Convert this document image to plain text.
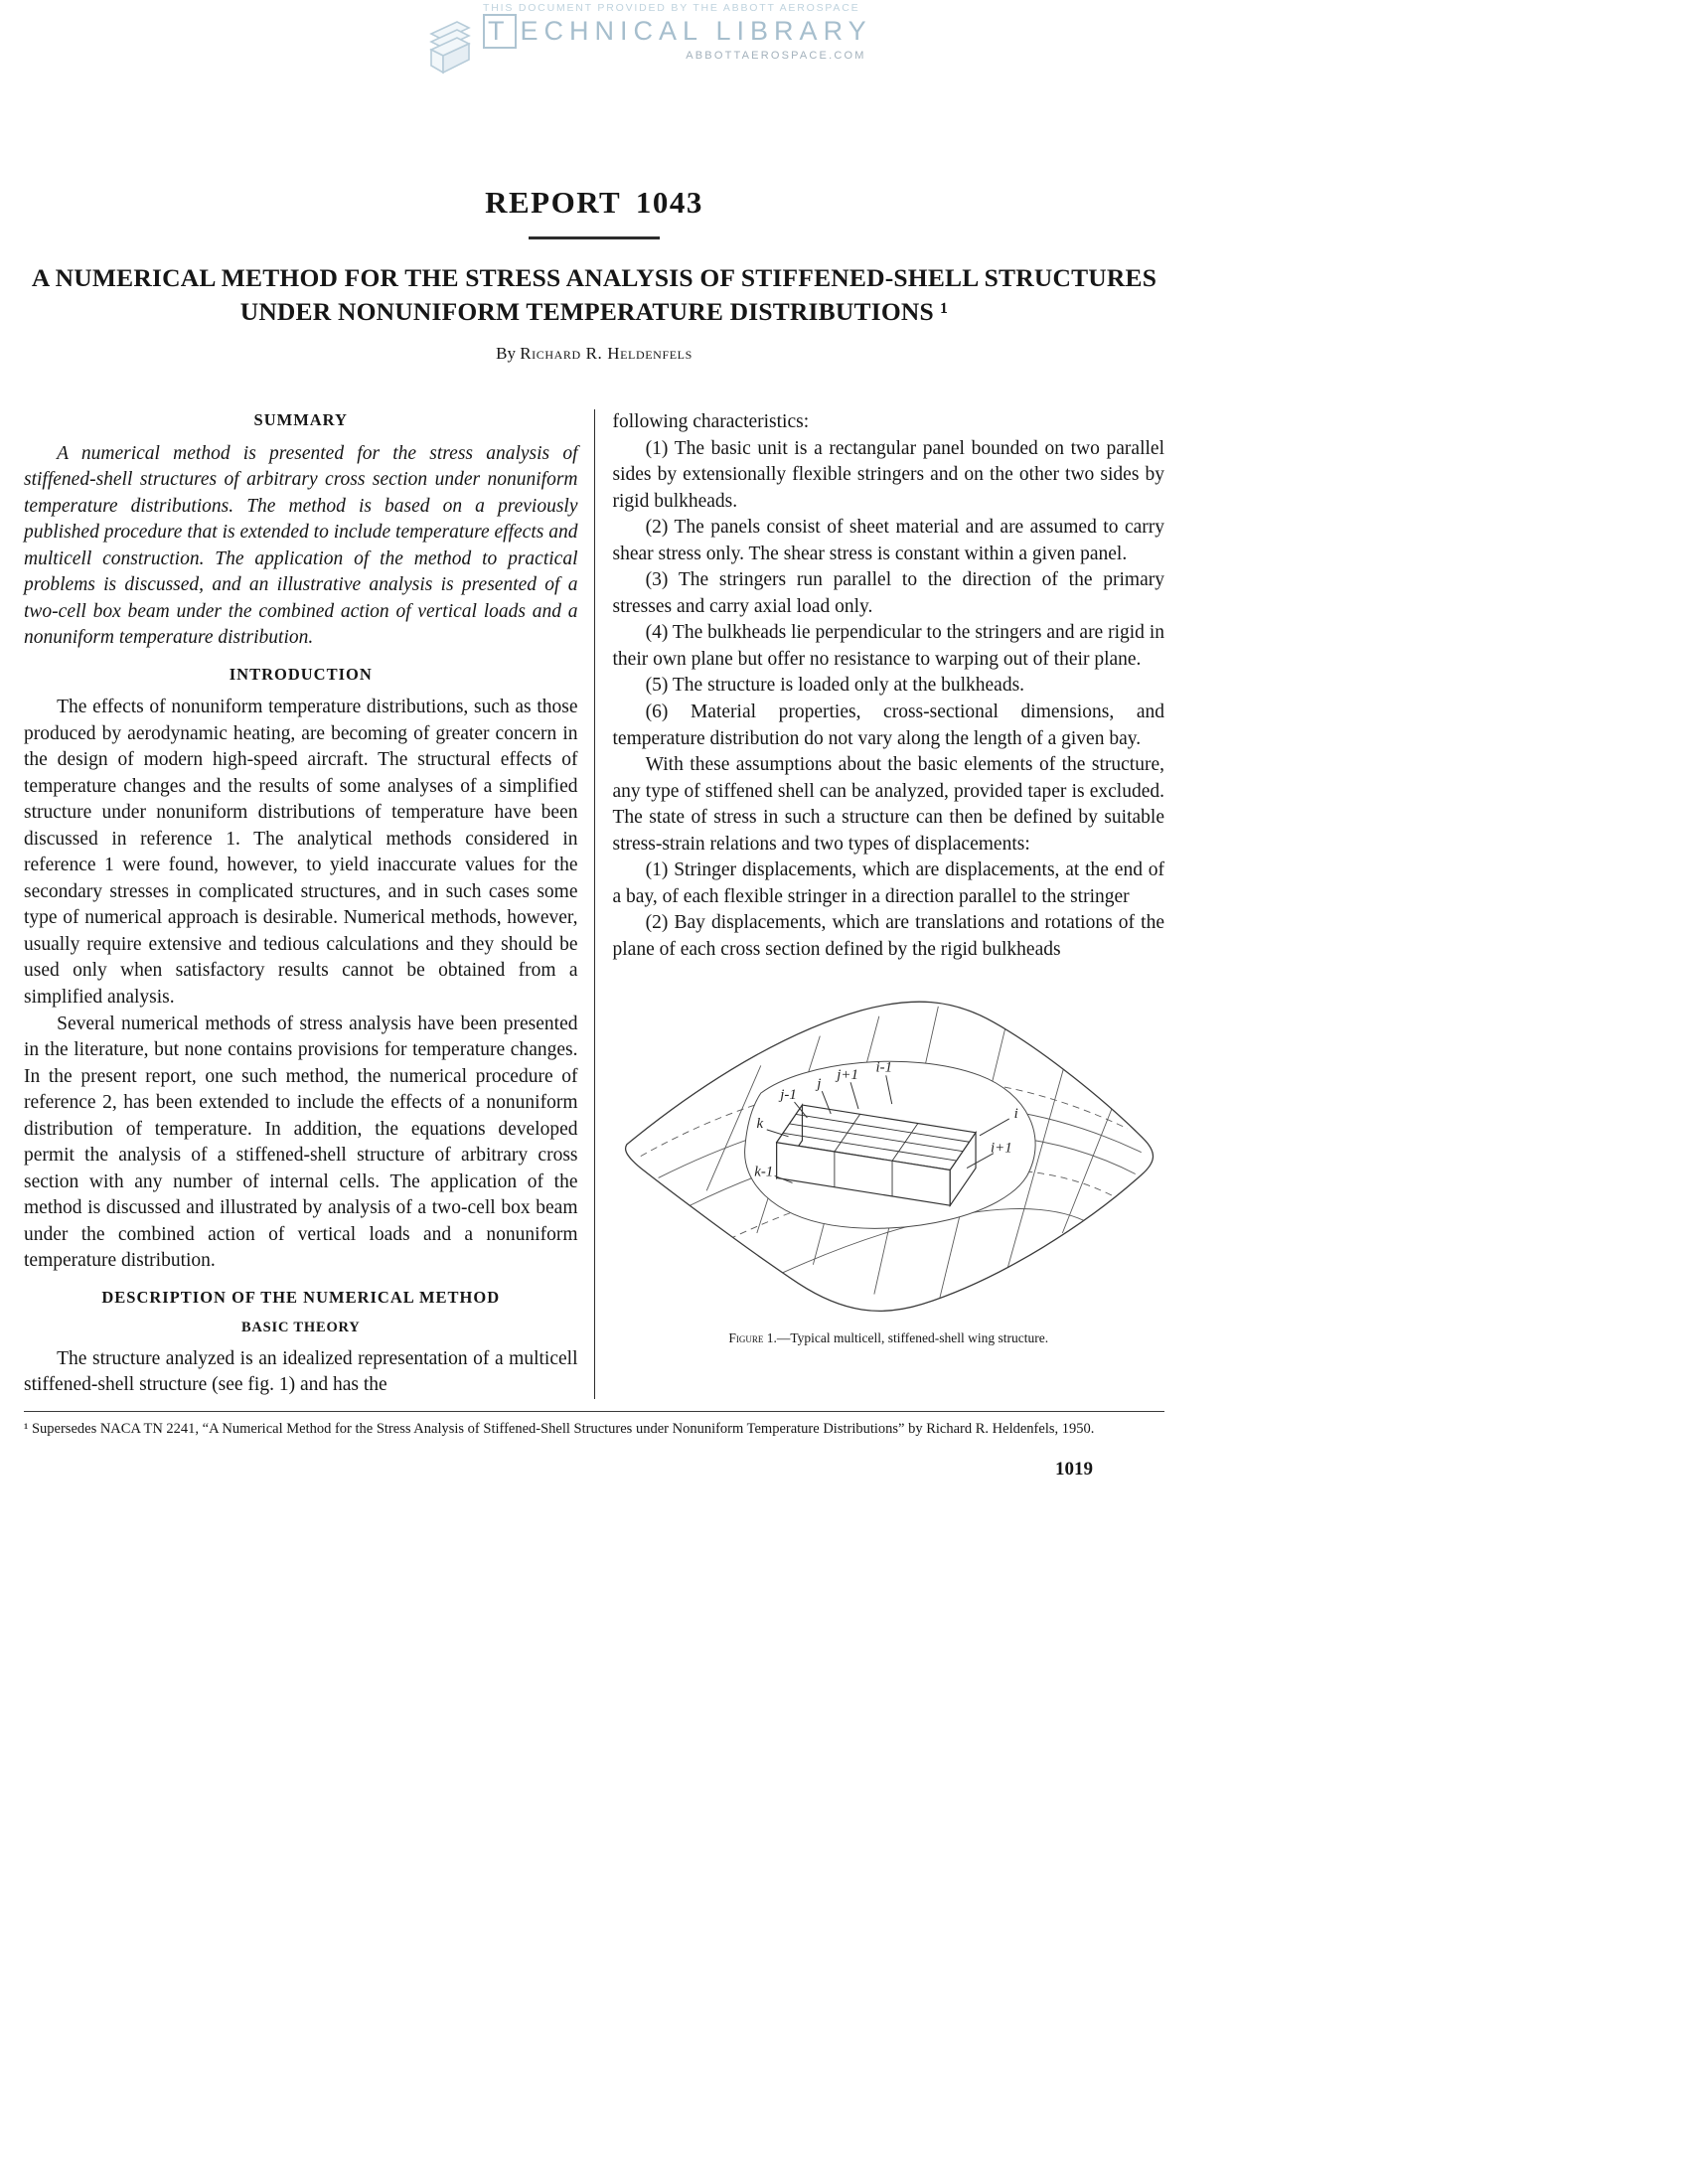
THIS DOCUMENT PROVIDED BY THE ABBOTT AEROSPACE
TECHNICAL LIBRARY
ABBOTTAEROSPACE.COM
REPORT 1043
A NUMERICAL METHOD FOR THE STRESS ANALYSIS OF STIFFENED-SHELL STRUCTURES
UNDER NONUNIFORM TEMPERATURE DISTRIBUTIONS ¹
By Richard R. Heldenfels
SUMMARY

A numerical method is presented for the stress analysis of stiffened-shell structures of arbitrary cross section under nonuniform temperature distributions. The method is based on a previously published procedure that is extended to include temperature effects and multicell construction. The application of the method to practical problems is discussed, and an illustrative analysis is presented of a two-cell box beam under the combined action of vertical loads and a nonuniform temperature distribution.

INTRODUCTION

The effects of nonuniform temperature distributions, such as those produced by aerodynamic heating, are becoming of greater concern in the design of modern high-speed aircraft. The structural effects of temperature changes and the results of some analyses of a simplified structure under nonuniform distributions of temperature have been discussed in reference 1. The analytical methods considered in reference 1 were found, however, to yield inaccurate values for the secondary stresses in complicated structures, and in such cases some type of numerical approach is desirable. Numerical methods, however, usually require extensive and tedious calculations and they should be used only when satisfactory results cannot be obtained from a simplified analysis.

Several numerical methods of stress analysis have been presented in the literature, but none contains provisions for temperature changes. In the present report, one such method, the numerical procedure of reference 2, has been extended to include the effects of a nonuniform distribution of temperature. In addition, the equations developed permit the analysis of a stiffened-shell structure of arbitrary cross section with any number of internal cells. The application of the method is discussed and illustrated by analysis of a two-cell box beam under the combined action of vertical loads and a nonuniform temperature distribution.

DESCRIPTION OF THE NUMERICAL METHOD
BASIC THEORY

The structure analyzed is an idealized representation of a multicell stiffened-shell structure (see fig. 1) and has the

following characteristics:

(1) The basic unit is a rectangular panel bounded on two parallel sides by extensionally flexible stringers and on the other two sides by rigid bulkheads.

(2) The panels consist of sheet material and are assumed to carry shear stress only. The shear stress is constant within a given panel.

(3) The stringers run parallel to the direction of the primary stresses and carry axial load only.

(4) The bulkheads lie perpendicular to the stringers and are rigid in their own plane but offer no resistance to warping out of their plane.

(5) The structure is loaded only at the bulkheads.

(6) Material properties, cross-sectional dimensions, and temperature distribution do not vary along the length of a given bay.

With these assumptions about the basic elements of the structure, any type of stiffened shell can be analyzed, provided taper is excluded. The state of stress in such a structure can then be defined by suitable stress-strain relations and two types of displacements:

(1) Stringer displacements, which are displacements, at the end of a bay, of each flexible stringer in a direction parallel to the stringer

(2) Bay displacements, which are translations and rotations of the plane of each cross section defined by the rigid bulkheads

j+1 i-1
j
j-1
k
k-1
i
i+1
Figure 1.—Typical multicell, stiffened-shell wing structure.
¹ Supersedes NACA TN 2241, “A Numerical Method for the Stress Analysis of Stiffened-Shell Structures under Nonuniform Temperature Distributions” by Richard R. Heldenfels, 1950.
1019
